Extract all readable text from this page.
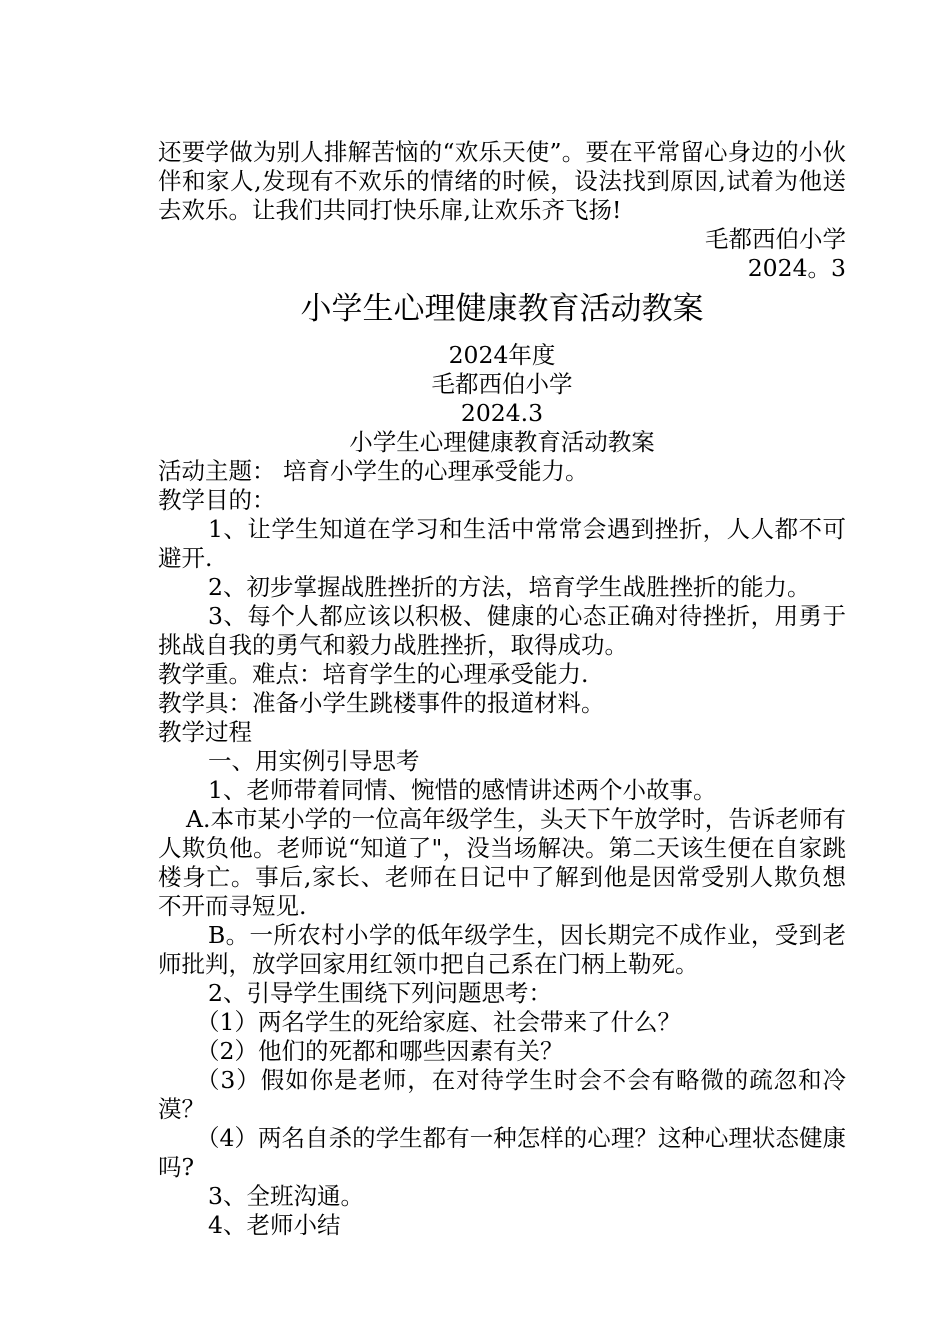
还要学做为别人排解苦恼的“欢乐天使”。要在平常留心身边的小伙伴和家人,发现有不欢乐的情绪的时候，设法找到原因,试着为他送去欢乐。让我们共同打快乐扉,让欢乐齐飞扬!

毛都西伯小学

2024。3

小学生心理健康教育活动教案

2024年度

毛都西伯小学

2024.3

小学生心理健康教育活动教案

活动主题： 培育小学生的心理承受能力。

教学目的：

1、让学生知道在学习和生活中常常会遇到挫折，人人都不可避开.

2、初步掌握战胜挫折的方法，培育学生战胜挫折的能力。

3、每个人都应该以积极、健康的心态正确对待挫折，用勇于挑战自我的勇气和毅力战胜挫折，取得成功。

教学重。难点：培育学生的心理承受能力.

教学具：准备小学生跳楼事件的报道材料。

教学过程

一、用实例引导思考

1、老师带着同情、惋惜的感情讲述两个小故事。

A.本市某小学的一位高年级学生，头天下午放学时，告诉老师有人欺负他。老师说“知道了"，没当场解决。第二天该生便在自家跳楼身亡。事后,家长、老师在日记中了解到他是因常受别人欺负想不开而寻短见.

B。一所农村小学的低年级学生，因长期完不成作业，受到老师批判，放学回家用红领巾把自己系在门柄上勒死。

2、引导学生围绕下列问题思考：

（1）两名学生的死给家庭、社会带来了什么？

（2）他们的死都和哪些因素有关？

（3）假如你是老师，在对待学生时会不会有略微的疏忽和冷漠？

（4）两名自杀的学生都有一种怎样的心理？这种心理状态健康吗?

3、全班沟通。

4、老师小结
